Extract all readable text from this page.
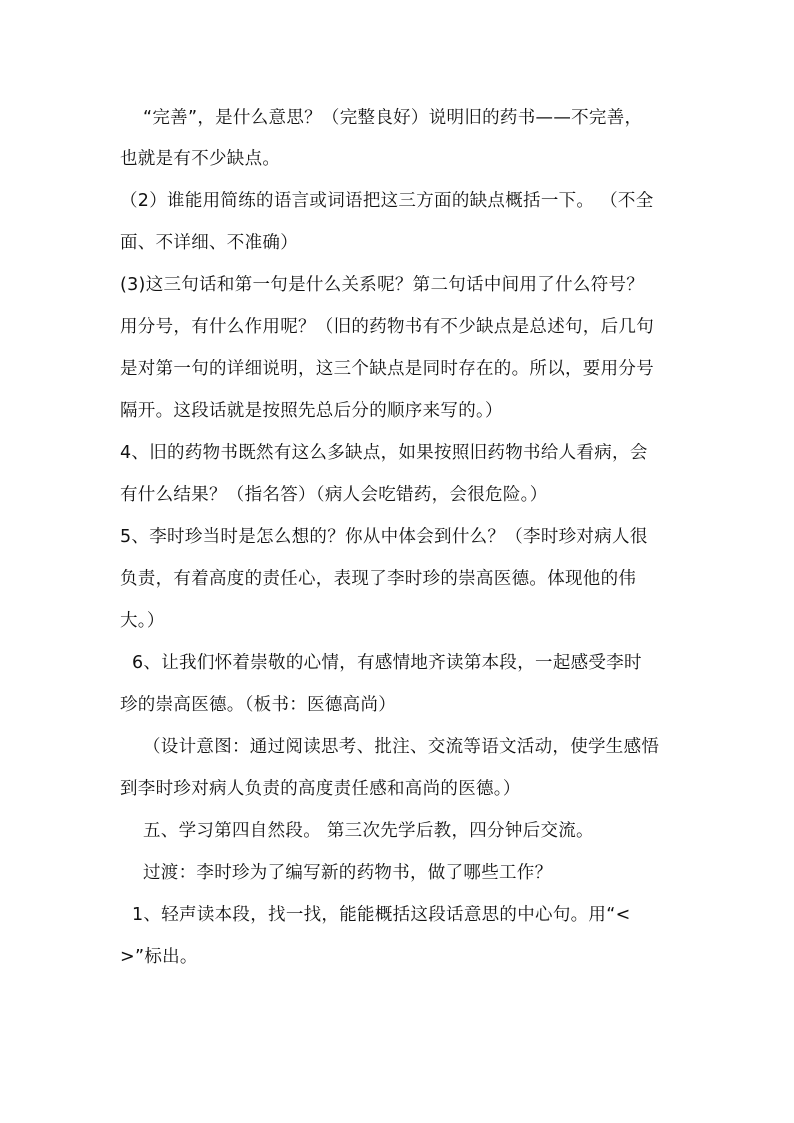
“完善”，是什么意思？（完整良好）说明旧的药书——不完善，
也就是有不少缺点。
（2）谁能用简练的语言或词语把这三方面的缺点概括一下。 （不全
面、不详细、不准确）
(3)这三句话和第一句是什么关系呢？第二句话中间用了什么符号？
用分号，有什么作用呢？（旧的药物书有不少缺点是总述句，后几句
是对第一句的详细说明，这三个缺点是同时存在的。所以，要用分号
隔开。这段话就是按照先总后分的顺序来写的。）
4、旧的药物书既然有这么多缺点，如果按照旧药物书给人看病，会
有什么结果？（指名答）（病人会吃错药，会很危险。）
5、李时珍当时是怎么想的？你从中体会到什么？（李时珍对病人很
负责，有着高度的责任心，表现了李时珍的崇高医德。体现他的伟
大。）
6、让我们怀着崇敬的心情，有感情地齐读第本段，一起感受李时
珍的崇高医德。（板书：医德高尚）
（设计意图：通过阅读思考、批注、交流等语文活动，使学生感悟
到李时珍对病人负责的高度责任感和高尚的医德。）
五、学习第四自然段。 第三次先学后教，四分钟后交流。
过渡：李时珍为了编写新的药物书，做了哪些工作？
1、轻声读本段，找一找，能能概括这段话意思的中心句。用“<
>”标出。
